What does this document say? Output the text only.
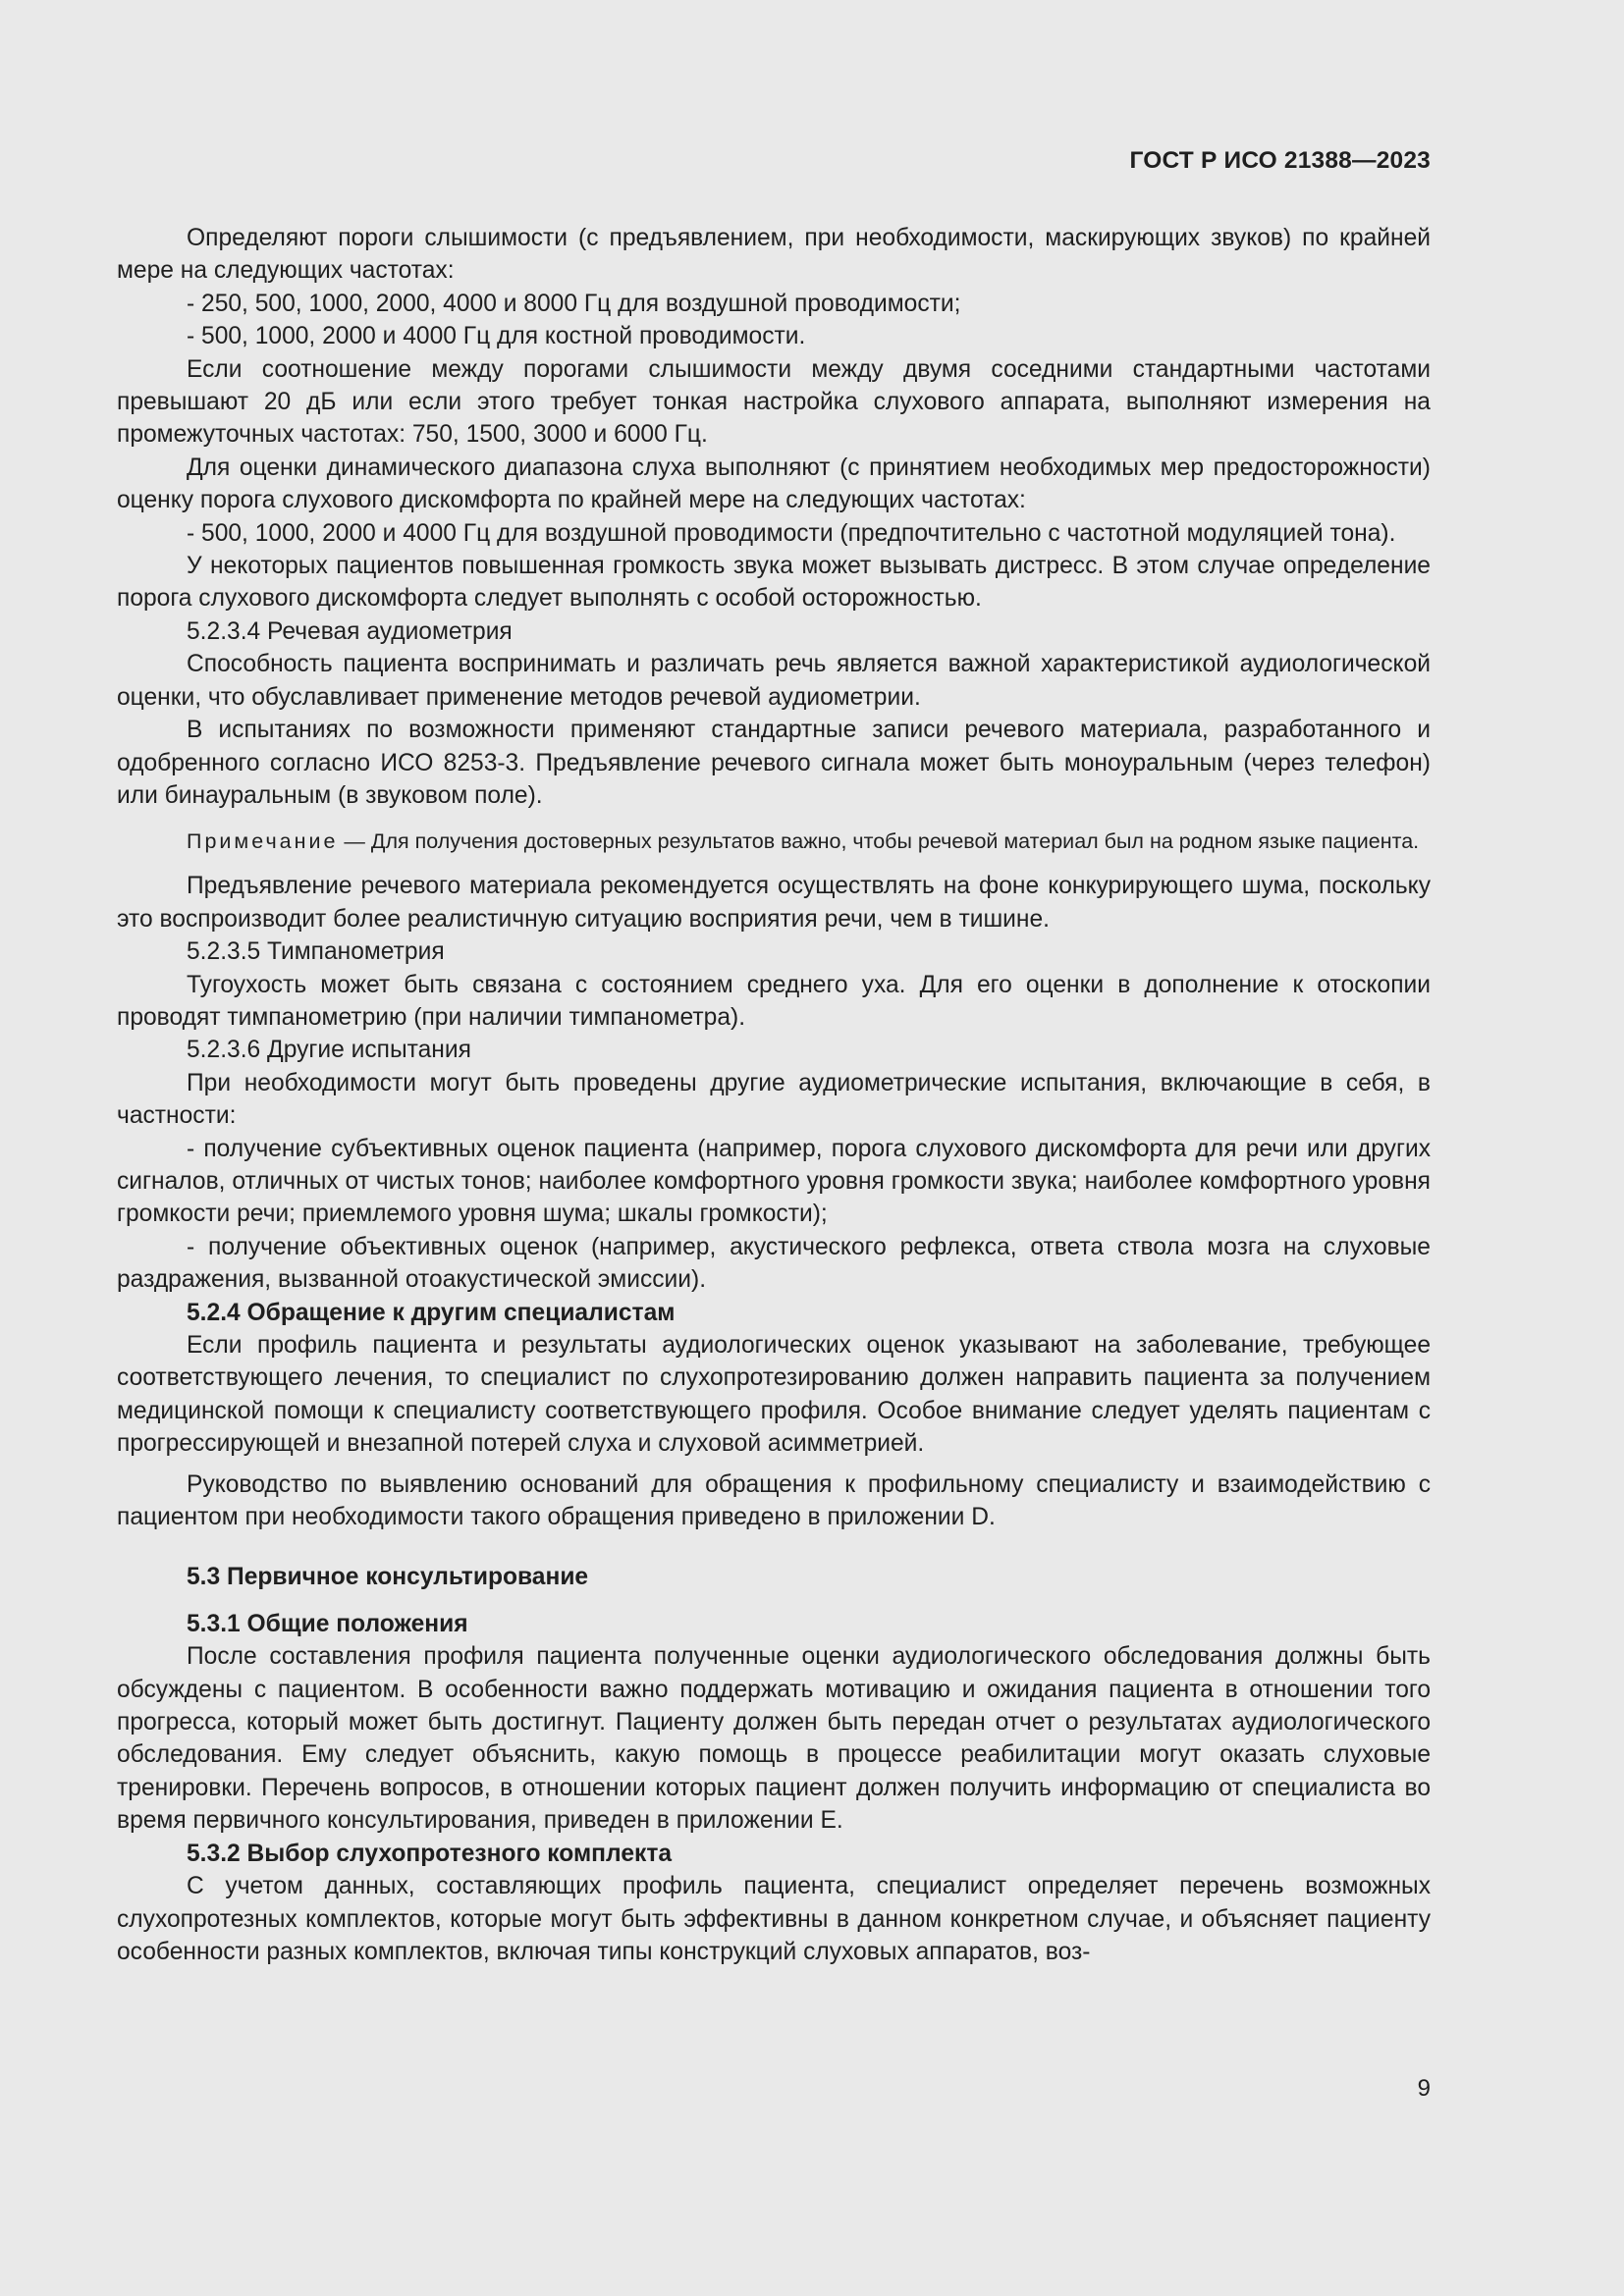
ГОСТ Р ИСО 21388—2023

Определяют пороги слышимости (с предъявлением, при необходимости, маскирующих звуков) по крайней мере на следующих частотах:

- 250, 500, 1000, 2000, 4000 и 8000 Гц для воздушной проводимости;

- 500, 1000, 2000 и 4000 Гц для костной проводимости.

Если соотношение между порогами слышимости между двумя соседними стандартными частотами превышают 20 дБ или если этого требует тонкая настройка слухового аппарата, выполняют измерения на промежуточных частотах: 750, 1500, 3000 и 6000 Гц.

Для оценки динамического диапазона слуха выполняют (с принятием необходимых мер предосторожности) оценку порога слухового дискомфорта по крайней мере на следующих частотах:

- 500, 1000, 2000 и 4000 Гц для воздушной проводимости (предпочтительно с частотной модуляцией тона).

У некоторых пациентов повышенная громкость звука может вызывать дистресс. В этом случае определение порога слухового дискомфорта следует выполнять с особой осторожностью.

5.2.3.4 Речевая аудиометрия

Способность пациента воспринимать и различать речь является важной характеристикой аудиологической оценки, что обуславливает применение методов речевой аудиометрии.

В испытаниях по возможности применяют стандартные записи речевого материала, разработанного и одобренного согласно ИСО 8253-3. Предъявление речевого сигнала может быть моноуральным (через телефон) или бинауральным (в звуковом поле).

Примечание — Для получения достоверных результатов важно, чтобы речевой материал был на родном языке пациента.

Предъявление речевого материала рекомендуется осуществлять на фоне конкурирующего шума, поскольку это воспроизводит более реалистичную ситуацию восприятия речи, чем в тишине.

5.2.3.5 Тимпанометрия

Тугоухость может быть связана с состоянием среднего уха. Для его оценки в дополнение к отоскопии проводят тимпанометрию (при наличии тимпанометра).

5.2.3.6 Другие испытания

При необходимости могут быть проведены другие аудиометрические испытания, включающие в себя, в частности:

- получение субъективных оценок пациента (например, порога слухового дискомфорта для речи или других сигналов, отличных от чистых тонов; наиболее комфортного уровня громкости звука; наиболее комфортного уровня громкости речи; приемлемого уровня шума; шкалы громкости);

- получение объективных оценок (например, акустического рефлекса, ответа ствола мозга на слуховые раздражения, вызванной отоакустической эмиссии).

5.2.4 Обращение к другим специалистам

Если профиль пациента и результаты аудиологических оценок указывают на заболевание, требующее соответствующего лечения, то специалист по слухопротезированию должен направить пациента за получением медицинской помощи к специалисту соответствующего профиля. Особое внимание следует уделять пациентам с прогрессирующей и внезапной потерей слуха и слуховой асимметрией.

Руководство по выявлению оснований для обращения к профильному специалисту и взаимодействию с пациентом при необходимости такого обращения приведено в приложении D.

5.3 Первичное консультирование

5.3.1 Общие положения

После составления профиля пациента полученные оценки аудиологического обследования должны быть обсуждены с пациентом. В особенности важно поддержать мотивацию и ожидания пациента в отношении того прогресса, который может быть достигнут. Пациенту должен быть передан отчет о результатах аудиологического обследования. Ему следует объяснить, какую помощь в процессе реабилитации могут оказать слуховые тренировки. Перечень вопросов, в отношении которых пациент должен получить информацию от специалиста во время первичного консультирования, приведен в приложении E.

5.3.2 Выбор слухопротезного комплекта

С учетом данных, составляющих профиль пациента, специалист определяет перечень возможных слухопротезных комплектов, которые могут быть эффективны в данном конкретном случае, и объясняет пациенту особенности разных комплектов, включая типы конструкций слуховых аппаратов, воз-

9
